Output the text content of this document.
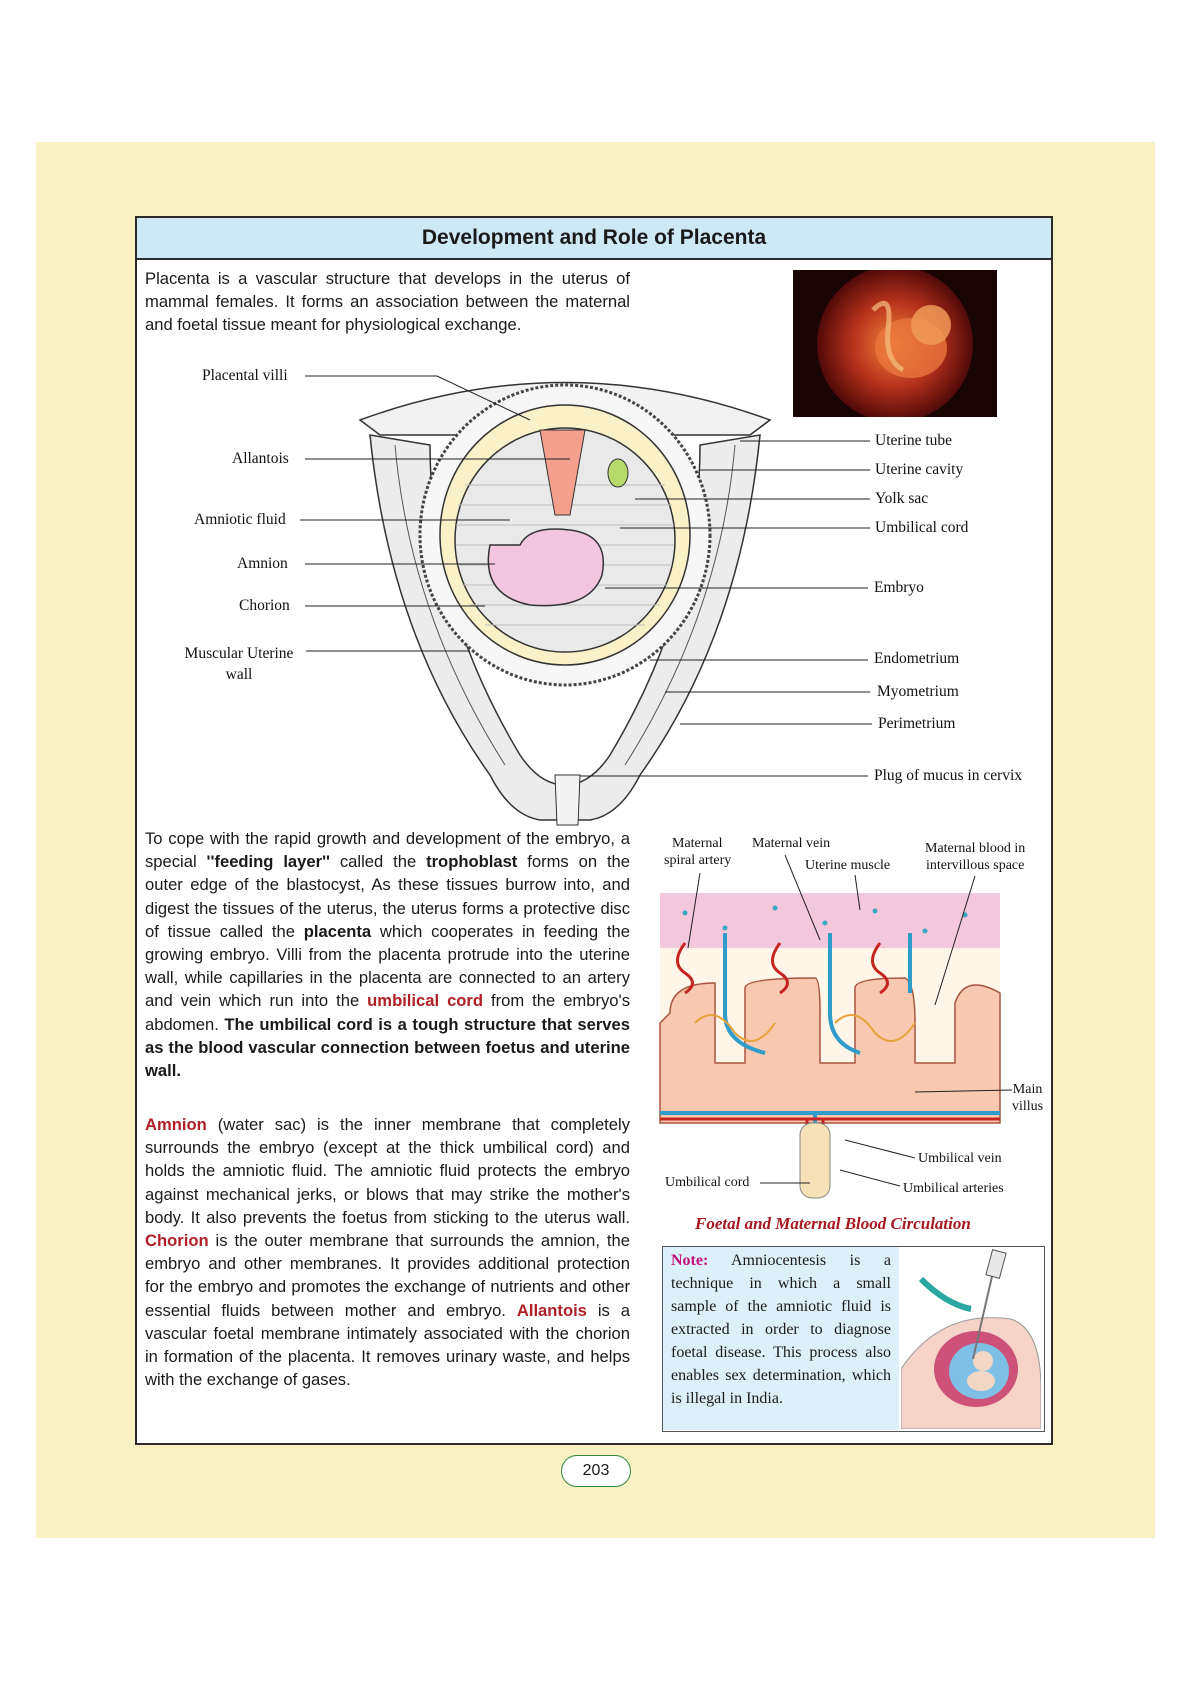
Development and Role of Placenta

Placenta is a vascular structure that develops in the uterus of mammal females. It forms an association between the maternal and foetal tissue meant for physiological exchange.

Placental villi
Allantois
Amniotic fluid
Amnion
Chorion
Muscular Uterine wall
Uterine tube
Uterine cavity
Yolk sac
Umbilical cord
Embryo
Endometrium
Myometrium
Perimetrium
Plug of mucus in cervix

To cope with the rapid growth and development of the embryo, a special ''feeding layer'' called the trophoblast forms on the outer edge of the blastocyst, As these tissues burrow into, and digest the tissues of the uterus, the uterus forms a protective disc of tissue called the placenta which cooperates in feeding the growing embryo. Villi from the placenta protrude into the uterine wall, while capillaries in the placenta are connected to an artery and vein which run into the umbilical cord from the embryo's abdomen. The umbilical cord is a tough structure that serves as the blood vascular connection between foetus and uterine wall.

Amnion (water sac) is the inner membrane that completely surrounds the embryo (except at the thick umbilical cord) and holds the amniotic fluid. The amniotic fluid protects the embryo against mechanical jerks, or blows that may strike the mother's body. It also prevents the foetus from sticking to the uterus wall. Chorion is the outer membrane that surrounds the amnion, the embryo and other membranes. It provides additional protection for the embryo and promotes the exchange of nutrients and other essential fluids between mother and embryo. Allantois is a vascular foetal membrane intimately associated with the chorion in formation of the placenta. It removes urinary waste, and helps with the exchange of gases.

Maternal
spiral artery
Maternal vein
Uterine muscle
Maternal blood in
intervillous space
Main
villus
Umbilical vein
Umbilical cord	Umbilical arteries
Foetal and Maternal Blood Circulation
Note: Amniocentesis is a technique in which a small sample of the amniotic fluid is extracted in order to diagnose foetal disease. This process also enables sex determination, which is illegal in India.
203
